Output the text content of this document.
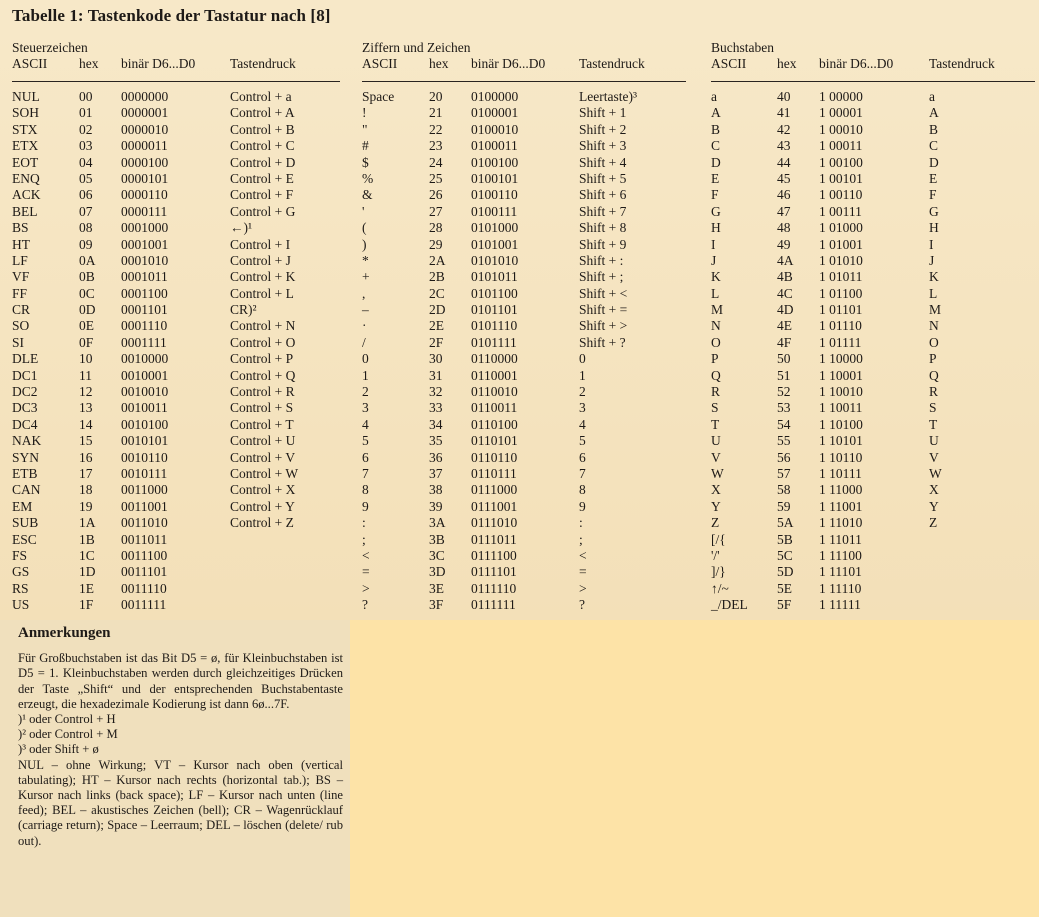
Tabelle 1: Tastenkode der Tastatur nach [8]
Steuerzeichen
ASCII hex binär D6...D0	Tastendruck
NUL	00 0000000	Control + a
SOH	01 0000001	Control + A
STX	02 0000010	Control + B
ETX	03 0000011	Control + C
EOT	04 0000100	Control + D
ENQ	05 0000101	Control + E
ACK	06 0000110	Control + F
BEL	07 0000111	Control + G
BS	08 0001000	←)¹
HT	09 0001001	Control + I
LF	0A 0001010	Control + J
VF	0B 0001011	Control + K
FF	0C 0001100	Control + L
CR	0D 0001101	CR)²
SO	0E 0001110	Control + N
SI	0F 0001111	Control + O
DLE	10 0010000	Control + P
DC1	11 0010001	Control + Q
DC2	12 0010010	Control + R
DC3	13 0010011	Control + S
DC4	14 0010100	Control + T
NAK	15 0010101	Control + U
SYN	16 0010110	Control + V
ETB	17 0010111	Control + W
CAN	18 0011000	Control + X
EM	19 0011001	Control + Y
SUB	1A 0011010	Control + Z
ESC	1B 0011011
FS	1C 0011100
GS	1D 0011101
RS	1E 0011110
US	1F 0011111
Ziffern und Zeichen
ASCII hex binär D6...D0	Tastendruck
Space	20 0100000	Leertaste)³
!	21 0100001	Shift + 1
"	22 0100010	Shift + 2
#	23 0100011	Shift + 3
$	24 0100100	Shift + 4
%	25 0100101	Shift + 5
&	26 0100110	Shift + 6
'	27 0100111	Shift + 7
(	28 0101000	Shift + 8
)	29 0101001	Shift + 9
*	2A 0101010	Shift + :
+	2B 0101011	Shift + ;
,	2C 0101100	Shift + <
–	2D 0101101	Shift + =
·	2E 0101110	Shift + >
/	2F 0101111	Shift + ?
0	30 0110000	0
1	31 0110001	1
2	32 0110010	2
3	33 0110011	3
4	34 0110100	4
5	35 0110101	5
6	36 0110110	6
7	37 0110111	7
8	38 0111000	8
9	39 0111001	9
:	3A 0111010	:
;	3B 0111011	;
<	3C 0111100	<
=	3D 0111101	=
>	3E 0111110	>
?	3F 0111111	?
Buchstaben
ASCII hex binär D6...D0	Tastendruck
a	40 1 00000	a
A	41 1 00001	A
B	42 1 00010	B
C	43 1 00011	C
D	44 1 00100	D
E	45 1 00101	E
F	46 1 00110	F
G	47 1 00111	G
H	48 1 01000	H
I	49 1 01001	I
J	4A 1 01010	J
K	4B 1 01011	K
L	4C 1 01100	L
M	4D 1 01101	M
N	4E 1 01110	N
O	4F 1 01111	O
P	50 1 10000	P
Q	51 1 10001	Q
R	52 1 10010	R
S	53 1 10011	S
T	54 1 10100	T
U	55 1 10101	U
V	56 1 10110	V
W	57 1 10111	W
X	58 1 11000	X
Y	59 1 11001	Y
Z	5A 1 11010	Z
[/{	5B 1 11011
'/'	5C 1 11100
]/}	5D 1 11101
↑/~	5E 1 11110
_/DEL 5F 1 11111
Anmerkungen

Für Großbuchstaben ist das Bit D5 = ø, für Kleinbuchstaben ist D5 = 1. Kleinbuchstaben werden durch gleichzeitiges Drücken der Taste „Shift“ und der entsprechenden Buchstabentaste erzeugt, die hexadezimale Kodierung ist dann 6ø...7F.

)¹ oder Control + H
)² oder Control + M
)³ oder Shift + ø

NUL – ohne Wirkung; VT – Kursor nach oben (vertical tabulating); HT – Kursor nach rechts (horizontal tab.); BS – Kursor nach links (back space); LF – Kursor nach unten (line feed); BEL – akustisches Zeichen (bell); CR – Wagenrücklauf (carriage return); Space – Leerraum; DEL – löschen (delete/ rub out).
